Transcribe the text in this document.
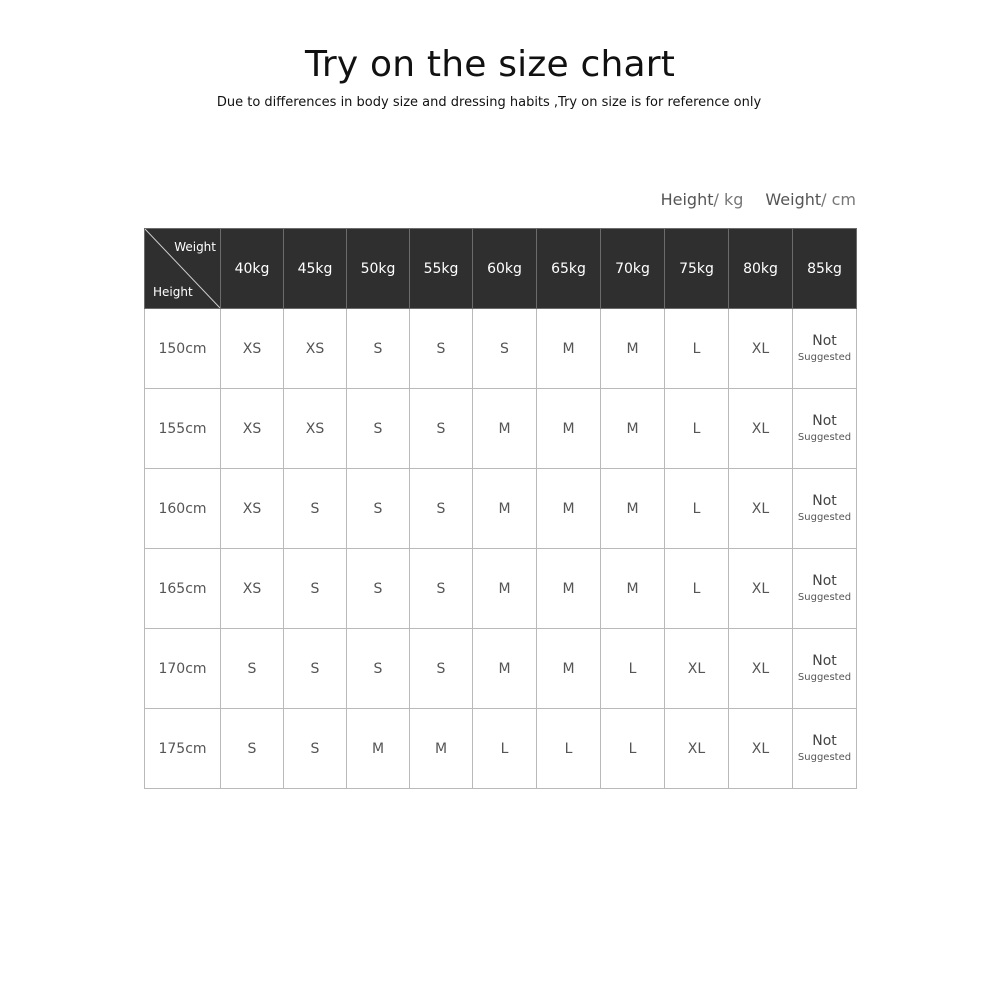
Try on the size chart
Due to differences in body size and dressing habits ,Try on size is for reference only
Height/ kg Weight/ cm
Weight
Height	40kg	45kg	50kg	55kg	60kg	65kg	70kg	75kg	80kg	85kg
150cm	XS	XS	S	S	S	M	M	L	XL	Not
Suggested

155cm	XS	XS	S	S	M	M	M	L	XL	Not
Suggested

160cm	XS	S	S	S	M	M	M	L	XL	Not
Suggested

165cm	XS	S	S	S	M	M	M	L	XL	Not
Suggested

170cm	S	S	S	S	M	M	L	XL	XL	Not
Suggested

175cm	S	S	M	M	L	L	L	XL	XL	Not
Suggested
